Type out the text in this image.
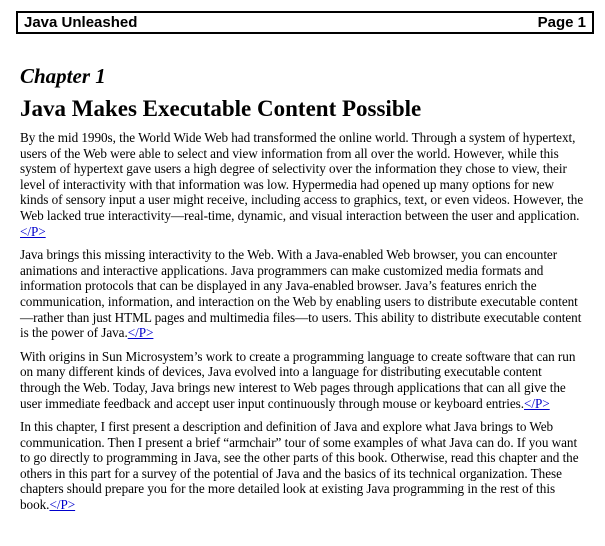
Java Unleashed	Page 1
Chapter 1
Java Makes Executable Content Possible

By the mid 1990s, the World Wide Web had transformed the online world. Through a system of hypertext, users of the Web were able to select and view information from all over the world. However, while this system of hypertext gave users a high degree of selectivity over the information they chose to view, their level of interactivity with that information was low. Hypermedia had opened up many options for new kinds of sensory input a user might receive, including access to graphics, text, or even videos. However, the Web lacked true interactivity—real-time, dynamic, and visual interaction between the user and application.</P>

Java brings this missing interactivity to the Web. With a Java-enabled Web browser, you can encounter animations and interactive applications. Java programmers can make customized media formats and information protocols that can be displayed in any Java-enabled browser. Java’s features enrich the communication, information, and interaction on the Web by enabling users to distribute executable content—rather than just HTML pages and multimedia files—to users. This ability to distribute executable content is the power of Java.</P>

With origins in Sun Microsystem’s work to create a programming language to create software that can run on many different kinds of devices, Java evolved into a language for distributing executable content through the Web. Today, Java brings new interest to Web pages through applications that can all give the user immediate feedback and accept user input continuously through mouse or keyboard entries.</P>

In this chapter, I first present a description and definition of Java and explore what Java brings to Web communication. Then I present a brief “armchair” tour of some examples of what Java can do. If you want to go directly to programming in Java, see the other parts of this book. Otherwise, read this chapter and the others in this part for a survey of the potential of Java and the basics of its technical organization. These chapters should prepare you for the more detailed look at existing Java programming in the rest of this book.</P>
